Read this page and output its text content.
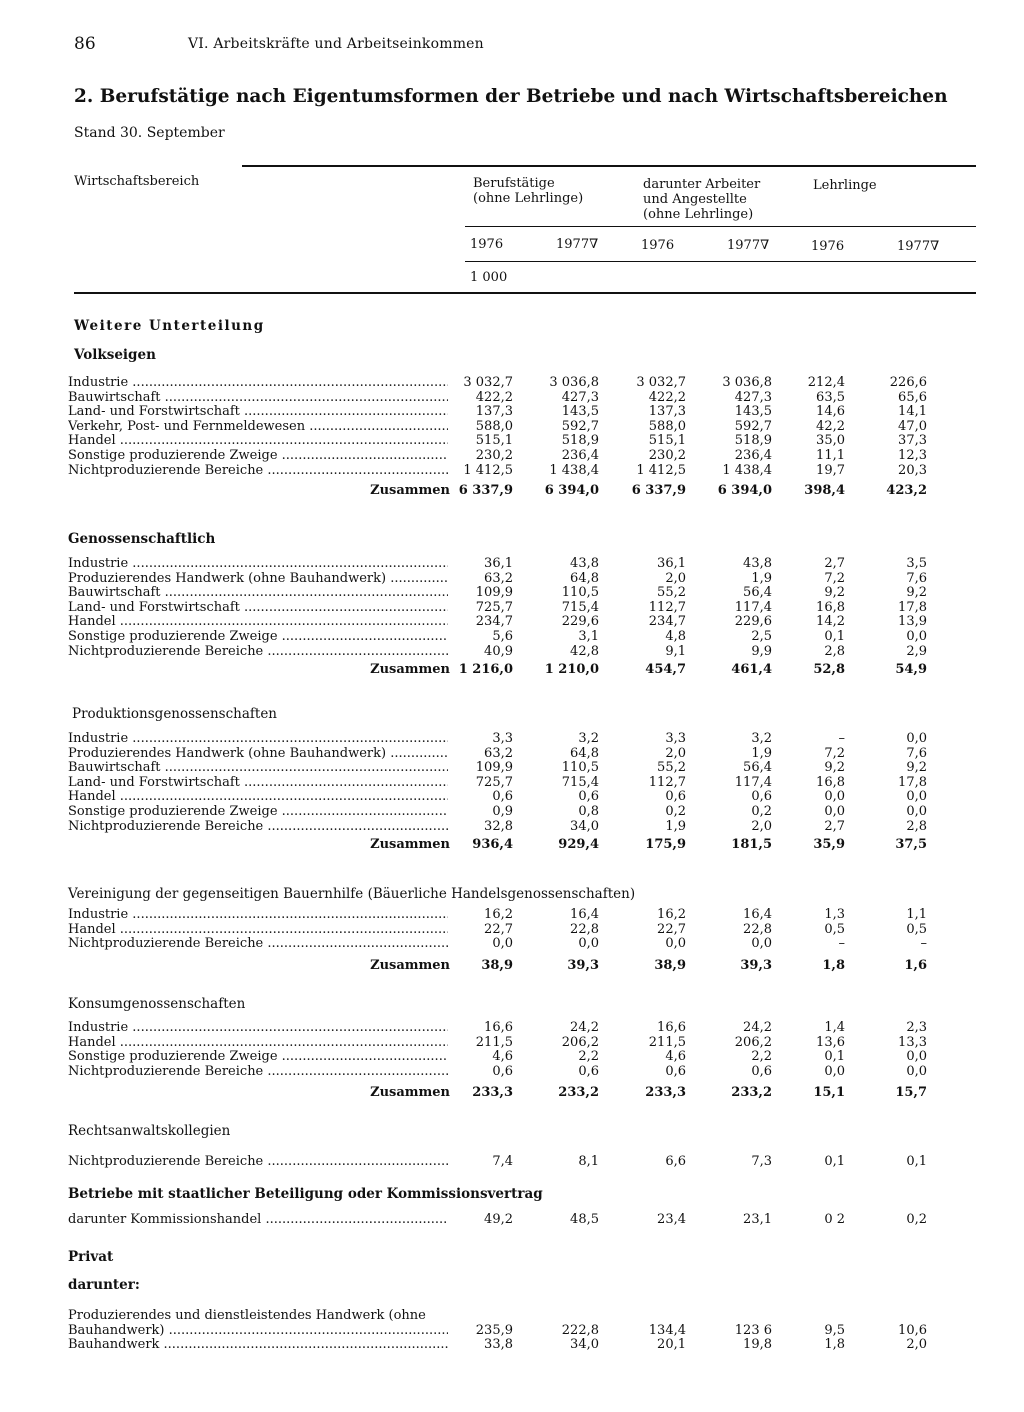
86	VI. Arbeitskräfte und Arbeitseinkommen
2. Berufstätige nach Eigentumsformen der Betriebe und nach Wirtschaftsbereichen
Stand 30. September
Wirtschaftsbereich	Berufstätige
(ohne Lehrlinge)
darunter Arbeiter
und Angestellte
(ohne Lehrlinge)
Lehrlinge
1976	1977∇	1976	1977∇	1976	1977∇
1 000
Weitere Unterteilung
Volkseigen
Industrie .....	3 032,7	3 036,8	3 032,7	3 036,8	212,4	226,6
Bauwirtschaft .....	422,2	427,3	422,2	427,3	63,5	65,6
Land- und Forstwirtschaft .....	137,3	143,5	137,3	143,5	14,6	14,1
Verkehr, Post- und Fernmeldewesen .....	588,0	592,7	588,0	592,7	42,2	47,0
Handel .....	515,1	518,9	515,1	518,9	35,0	37,3
Sonstige produzierende Zweige .....	230,2	236,4	230,2	236,4	11,1	12,3
Nichtproduzierende Bereiche .....	1 412,5	1 438,4	1 412,5	1 438,4	19,7	20,3
Zusammen 6 337,9	6 394,0	6 337,9	6 394,0	398,4	423,2
Genossenschaftlich
Industrie .....	36,1	43,8	36,1	43,8	2,7	3,5
Produzierendes Handwerk (ohne Bauhandwerk) .....	63,2	64,8	2,0	1,9	7,2	7,6
Bauwirtschaft .....	109,9	110,5	55,2	56,4	9,2	9,2
Land- und Forstwirtschaft .....	725,7	715,4	112,7	117,4	16,8	17,8
Handel .....	234,7	229,6	234,7	229,6	14,2	13,9
Sonstige produzierende Zweige .....	5,6	3,1	4,8	2,5	0,1	0,0
Nichtproduzierende Bereiche .....	40,9	42,8	9,1	9,9	2,8	2,9
Zusammen 1 216,0	1 210,0	454,7	461,4	52,8	54,9
Produktionsgenossenschaften
Industrie .....	3,3	3,2	3,3	3,2	–	0,0
Produzierendes Handwerk (ohne Bauhandwerk) .....	63,2	64,8	2,0	1,9	7,2	7,6
Bauwirtschaft .....	109,9	110,5	55,2	56,4	9,2	9,2
Land- und Forstwirtschaft .....	725,7	715,4	112,7	117,4	16,8	17,8
Handel .....	0,6	0,6	0,6	0,6	0,0	0,0
Sonstige produzierende Zweige .....	0,9	0,8	0,2	0,2	0,0	0,0
Nichtproduzierende Bereiche .....	32,8	34,0	1,9	2,0	2,7	2,8
Zusammen	936,4	929,4	175,9	181,5	35,9	37,5
Vereinigung der gegenseitigen Bauernhilfe (Bäuerliche Handelsgenossenschaften)
Industrie .....	16,2	16,4	16,2	16,4	1,3	1,1
Handel .....	22,7	22,8	22,7	22,8	0,5	0,5
Nichtproduzierende Bereiche .....	0,0	0,0	0,0	0,0	–	–
Zusammen	38,9	39,3	38,9	39,3	1,8	1,6
Konsumgenossenschaften
Industrie .....	16,6	24,2	16,6	24,2	1,4	2,3
Handel .....	211,5	206,2	211,5	206,2	13,6	13,3
Sonstige produzierende Zweige .....	4,6	2,2	4,6	2,2	0,1	0,0
Nichtproduzierende Bereiche .....	0,6	0,6	0,6	0,6	0,0	0,0
Zusammen	233,3	233,2	233,3	233,2	15,1	15,7
Rechtsanwaltskollegien
Nichtproduzierende Bereiche .....	7,4	8,1	6,6	7,3	0,1	0,1
Betriebe mit staatlicher Beteiligung oder Kommissionsvertrag
darunter Kommissionshandel .....	49,2	48,5	23,4	23,1	0 2	0,2
Privat
darunter:
Produzierendes und dienstleistendes Handwerk (ohne
Bauhandwerk) .....	235,9	222,8	134,4	123 6	9,5	10,6
Bauhandwerk .....	33,8	34,0	20,1	19,8	1,8	2,0
